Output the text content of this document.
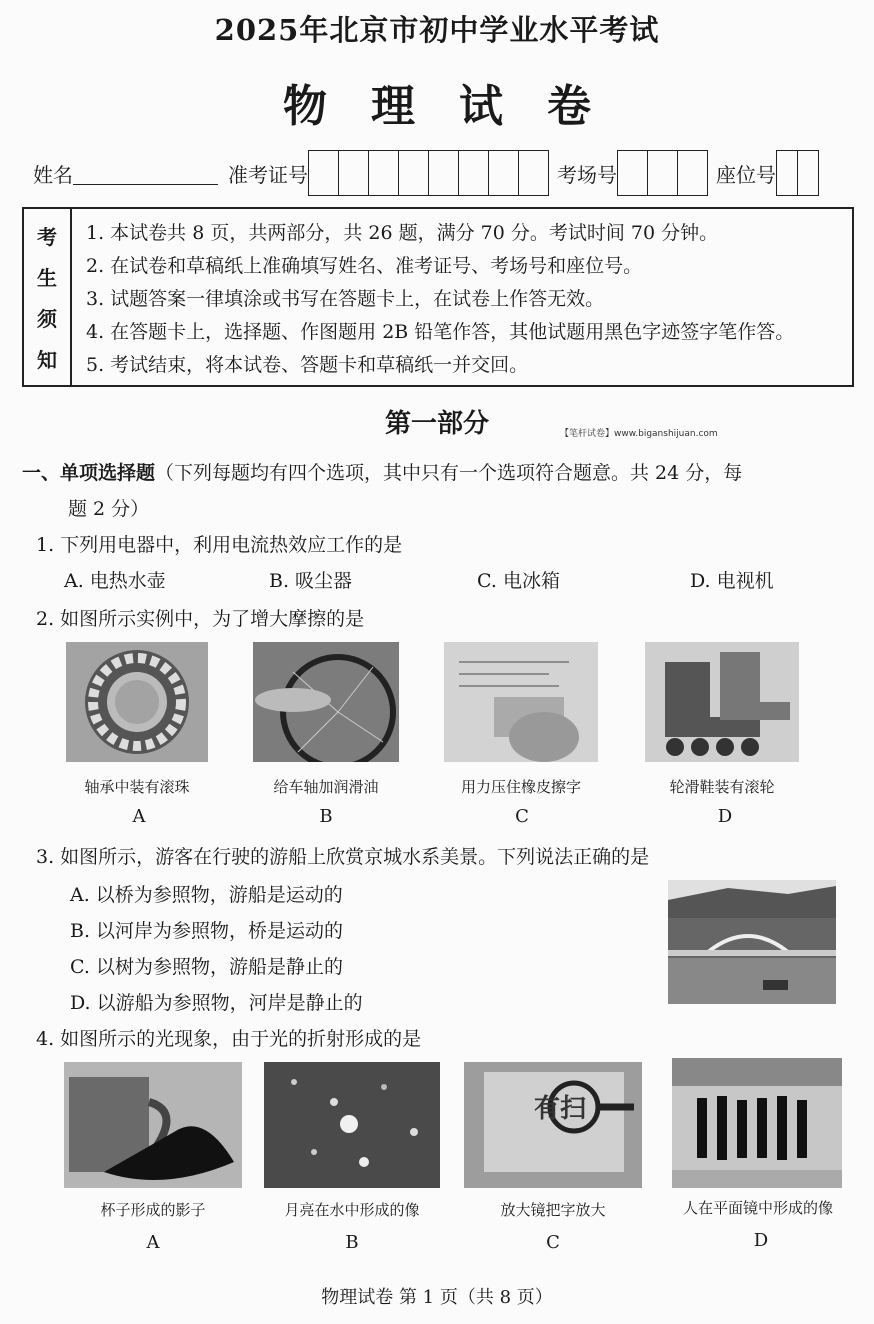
2025年北京市初中学业水平考试
物理试卷
姓名	准考证号	考场号	座位号
考
生
须
知
1. 本试卷共 8 页，共两部分，共 26 题，满分 70 分。考试时间 70 分钟。
2. 在试卷和草稿纸上准确填写姓名、准考证号、考场号和座位号。
3. 试题答案一律填涂或书写在答题卡上，在试卷上作答无效。
4. 在答题卡上，选择题、作图题用 2B 铅笔作答，其他试题用黑色字迹签字笔作答。
5. 考试结束，将本试卷、答题卡和草稿纸一并交回。
第一部分	【笔杆试卷】www.biganshijuan.com
一、单项选择题（下列每题均有四个选项，其中只有一个选项符合题意。共 24 分，每
题 2 分）
1. 下列用电器中，利用电流热效应工作的是
A. 电热水壶	B. 吸尘器	C. 电冰箱	D. 电视机
2. 如图所示实例中，为了增大摩擦的是
轴承中装有滚珠	给车轴加润滑油	用力压住橡皮擦字	轮滑鞋装有滚轮
A	B	C	D
3. 如图所示，游客在行驶的游船上欣赏京城水系美景。下列说法正确的是
A. 以桥为参照物，游船是运动的
B. 以河岸为参照物，桥是运动的
C. 以树为参照物，游船是静止的
D. 以游船为参照物，河岸是静止的
4. 如图所示的光现象，由于光的折射形成的是
有扫
杯子形成的影子	月亮在水中形成的像	放大镜把字放大	人在平面镜中形成的像
A	B	C	D
物理试卷 第 1 页（共 8 页）
